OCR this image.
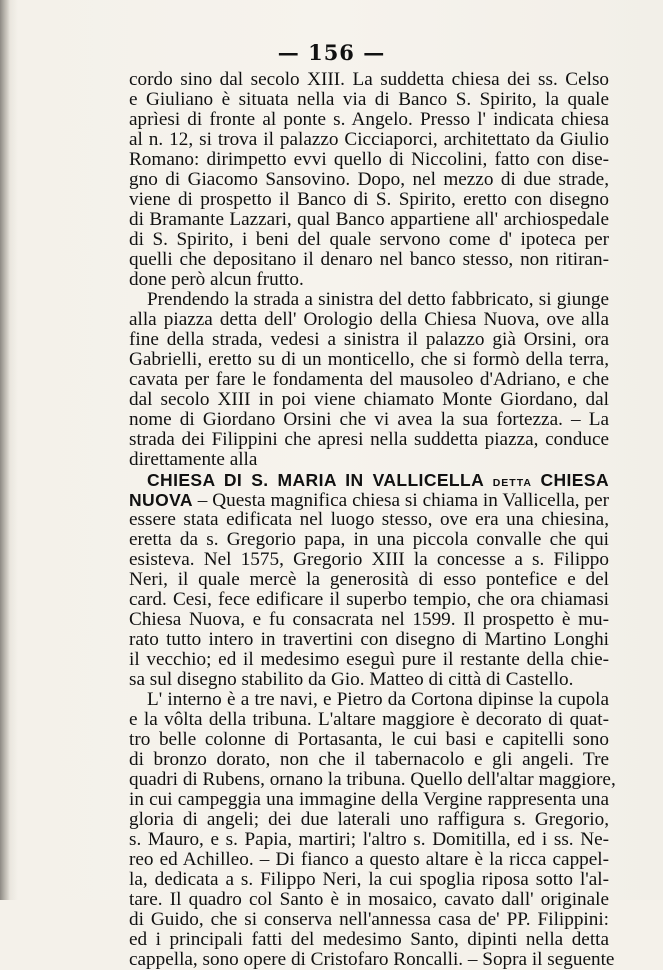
— 156 —
cordo sino dal secolo XIII. La suddetta chiesa dei ss. Celso
e Giuliano è situata nella via di Banco S. Spirito, la quale
aprìesi di fronte al ponte s. Angelo. Presso l' indicata chiesa
al n. 12, si trova il palazzo Cicciaporci, architettato da Giulio
Romano: dirimpetto evvi quello di Niccolini, fatto con dise-
gno di Giacomo Sansovino. Dopo, nel mezzo di due strade,
viene di prospetto il Banco di S. Spirito, eretto con disegno
di Bramante Lazzari, qual Banco appartiene all' archiospedale
di S. Spirito, i beni del quale servono come d' ipoteca per
quelli che depositano il denaro nel banco stesso, non ritiran-
done però alcun frutto.
Prendendo la strada a sinistra del detto fabbricato, si giunge
alla piazza detta dell' Orologio della Chiesa Nuova, ove alla
fine della strada, vedesi a sinistra il palazzo già Orsini, ora
Gabrielli, eretto su di un monticello, che si formò della terra,
cavata per fare le fondamenta del mausoleo d'Adriano, e che
dal secolo XIII in poi viene chiamato Monte Giordano, dal
nome di Giordano Orsini che vi avea la sua fortezza. – La
strada dei Filippini che apresi nella suddetta piazza, conduce
direttamente alla
CHIESA DI S. MARIA IN VALLICELLA DETTA CHIESA
NUOVA – Questa magnifica chiesa si chiama in Vallicella, per
essere stata edificata nel luogo stesso, ove era una chiesina,
eretta da s. Gregorio papa, in una piccola convalle che qui
esisteva. Nel 1575, Gregorio XIII la concesse a s. Filippo
Neri, il quale mercè la generosità di esso pontefice e del
card. Cesi, fece edificare il superbo tempio, che ora chiamasi
Chiesa Nuova, e fu consacrata nel 1599. Il prospetto è mu-
rato tutto intero in travertini con disegno di Martino Longhi
il vecchio; ed il medesimo eseguì pure il restante della chie-
sa sul disegno stabilito da Gio. Matteo di città di Castello.
L' interno è a tre navi, e Pietro da Cortona dipinse la cupola
e la vôlta della tribuna. L'altare maggiore è decorato di quat-
tro belle colonne di Portasanta, le cui basi e capitelli sono
di bronzo dorato, non che il tabernacolo e gli angeli. Tre
quadri di Rubens, ornano la tribuna. Quello dell'altar maggiore,
in cui campeggia una immagine della Vergine rappresenta una
gloria di angeli; dei due laterali uno raffigura s. Gregorio,
s. Mauro, e s. Papia, martiri; l'altro s. Domitilla, ed i ss. Ne-
reo ed Achilleo. – Di fianco a questo altare è la ricca cappel-
la, dedicata a s. Filippo Neri, la cui spoglia riposa sotto l'al-
tare. Il quadro col Santo è in mosaico, cavato dall' originale
di Guido, che si conserva nell'annessa casa de' PP. Filippini:
ed i principali fatti del medesimo Santo, dipinti nella detta
cappella, sono opere di Cristofaro Roncalli. – Sopra il seguente
